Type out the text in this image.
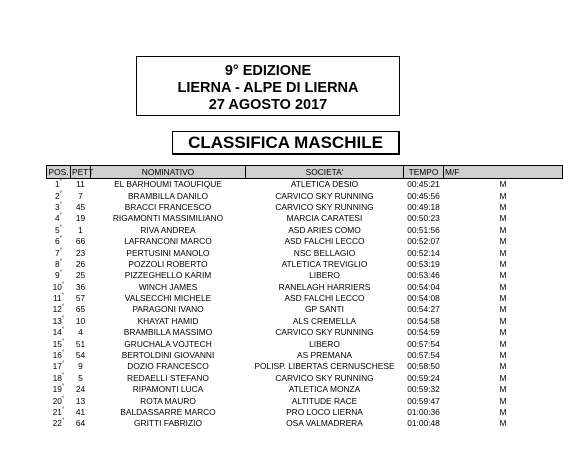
9° EDIZIONE
LIERNA - ALPE DI LIERNA
27 AGOSTO 2017
CLASSIFICA MASCHILE
POS.	PETT	NOMINATIVO	SOCIETA'	TEMPO	M/F
1°	11	EL BARHOUMI TAOUFIQUE	ATLETICA DESIO	00:45:21	M
2°	7	BRAMBILLA DANILO	CARVICO SKY RUNNING	00:45:56	M
3°	45	BRACCI FRANCESCO	CARVICO SKY RUNNING	00:49:18	M
4°	19	RIGAMONTI MASSIMILIANO	MARCIA CARATESI	00:50:23	M
5°	1	RIVA ANDREA	ASD ARIES COMO	00:51:56	M
6°	66	LAFRANCONI MARCO	ASD FALCHI LECCO	00:52:07	M
7°	23	PERTUSINI MANOLO	NSC BELLAGIO	00:52:14	M
8°	26	POZZOLI ROBERTO	ATLETICA TREVIGLIO	00:53:19	M
9°	25	PIZZEGHELLO KARIM	LIBERO	00:53:46	M
10°	36	WINCH JAMES	RANELAGH HARRIERS	00:54:04	M
11°	57	VALSECCHI MICHELE	ASD FALCHI LECCO	00:54:08	M
12°	65	PARAGONI IVANO	GP SANTI	00:54:27	M
13°	10	KHAYAT HAMID	ALS CREMELLA	00:54:58	M
14°	4	BRAMBILLA MASSIMO	CARVICO SKY RUNNING	00:54:59	M
15°	51	GRUCHALA VOJTECH	LIBERO	00:57:54	M
16°	54	BERTOLDINI GIOVANNI	AS PREMANA	00:57:54	M
17°	9	DOZIO FRANCESCO	POLISP. LIBERTAS CERNUSCHESE	00:58:50	M
18°	5	REDAELLI STEFANO	CARVICO SKY RUNNING	00:59:24	M
19°	24	RIPAMONTI LUCA	ATLETICA MONZA	00:59:32	M
20°	13	ROTA MAURO	ALTITUDE RACE	00:59:47	M
21°	41	BALDASSARRE MARCO	PRO LOCO LIERNA	01:00:36	M
22°	64	GRITTI FABRIZIO	OSA VALMADRERA	01:00:48	M
